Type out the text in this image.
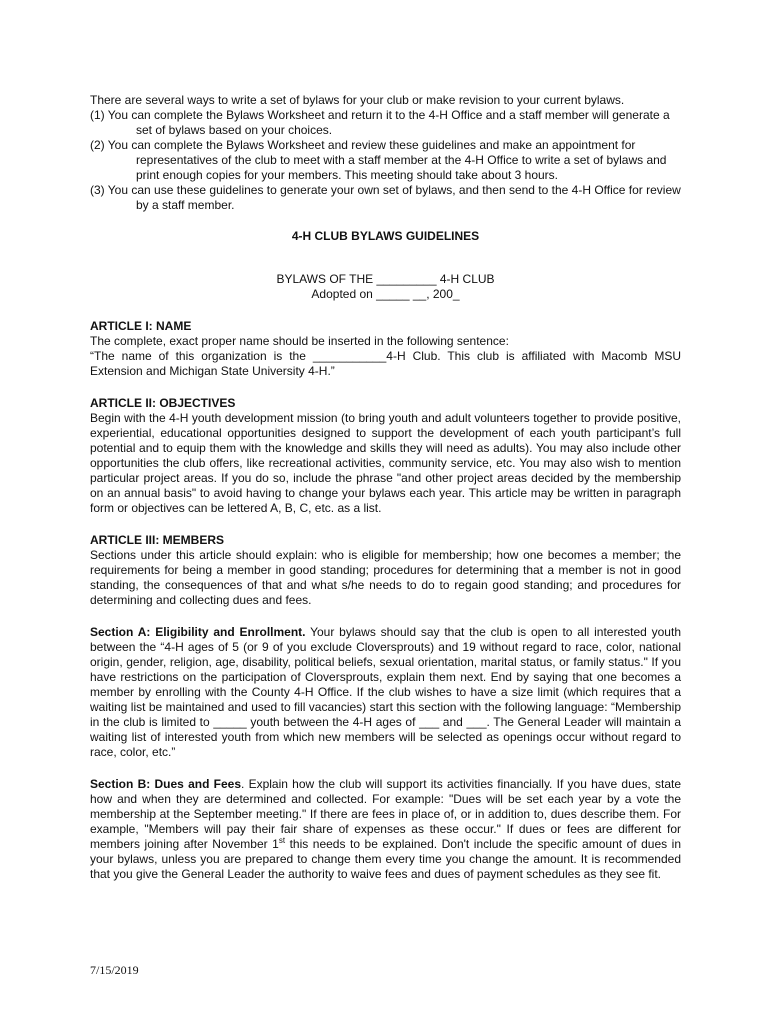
There are several ways to write a set of bylaws for your club or make revision to your current bylaws.

(1) You can complete the Bylaws Worksheet and return it to the 4-H Office and a staff member will generate a set of bylaws based on your choices.

(2) You can complete the Bylaws Worksheet and review these guidelines and make an appointment for representatives of the club to meet with a staff member at the 4-H Office to write a set of bylaws and print enough copies for your members. This meeting should take about 3 hours.

(3) You can use these guidelines to generate your own set of bylaws, and then send to the 4-H Office for review by a staff member.

4-H CLUB BYLAWS GUIDELINES

BYLAWS OF THE _________ 4-H CLUB

Adopted on _____ __, 200_

ARTICLE I: NAME

The complete, exact proper name should be inserted in the following sentence:

“The name of this organization is the ___________4-H Club. This club is affiliated with Macomb MSU Extension and Michigan State University 4-H.”

ARTICLE II: OBJECTIVES

Begin with the 4-H youth development mission (to bring youth and adult volunteers together to provide positive, experiential, educational opportunities designed to support the development of each youth participant’s full potential and to equip them with the knowledge and skills they will need as adults). You may also include other opportunities the club offers, like recreational activities, community service, etc. You may also wish to mention particular project areas. If you do so, include the phrase "and other project areas decided by the membership on an annual basis" to avoid having to change your bylaws each year. This article may be written in paragraph form or objectives can be lettered A, B, C, etc. as a list.

ARTICLE III: MEMBERS

Sections under this article should explain: who is eligible for membership; how one becomes a member; the requirements for being a member in good standing; procedures for determining that a member is not in good standing, the consequences of that and what s/he needs to do to regain good standing; and procedures for determining and collecting dues and fees.

Section A: Eligibility and Enrollment. Your bylaws should say that the club is open to all interested youth between the “4-H ages of 5 (or 9 of you exclude Cloversprouts) and 19 without regard to race, color, national origin, gender, religion, age, disability, political beliefs, sexual orientation, marital status, or family status." If you have restrictions on the participation of Cloversprouts, explain them next. End by saying that one becomes a member by enrolling with the County 4-H Office. If the club wishes to have a size limit (which requires that a waiting list be maintained and used to fill vacancies) start this section with the following language: “Membership in the club is limited to _____ youth between the 4-H ages of ___ and ___. The General Leader will maintain a waiting list of interested youth from which new members will be selected as openings occur without regard to race, color, etc.”

Section B: Dues and Fees. Explain how the club will support its activities financially. If you have dues, state how and when they are determined and collected. For example: "Dues will be set each year by a vote the membership at the September meeting." If there are fees in place of, or in addition to, dues describe them. For example, "Members will pay their fair share of expenses as these occur." If dues or fees are different for members joining after November 1st this needs to be explained. Don't include the specific amount of dues in your bylaws, unless you are prepared to change them every time you change the amount. It is recommended that you give the General Leader the authority to waive fees and dues of payment schedules as they see fit.

7/15/2019
